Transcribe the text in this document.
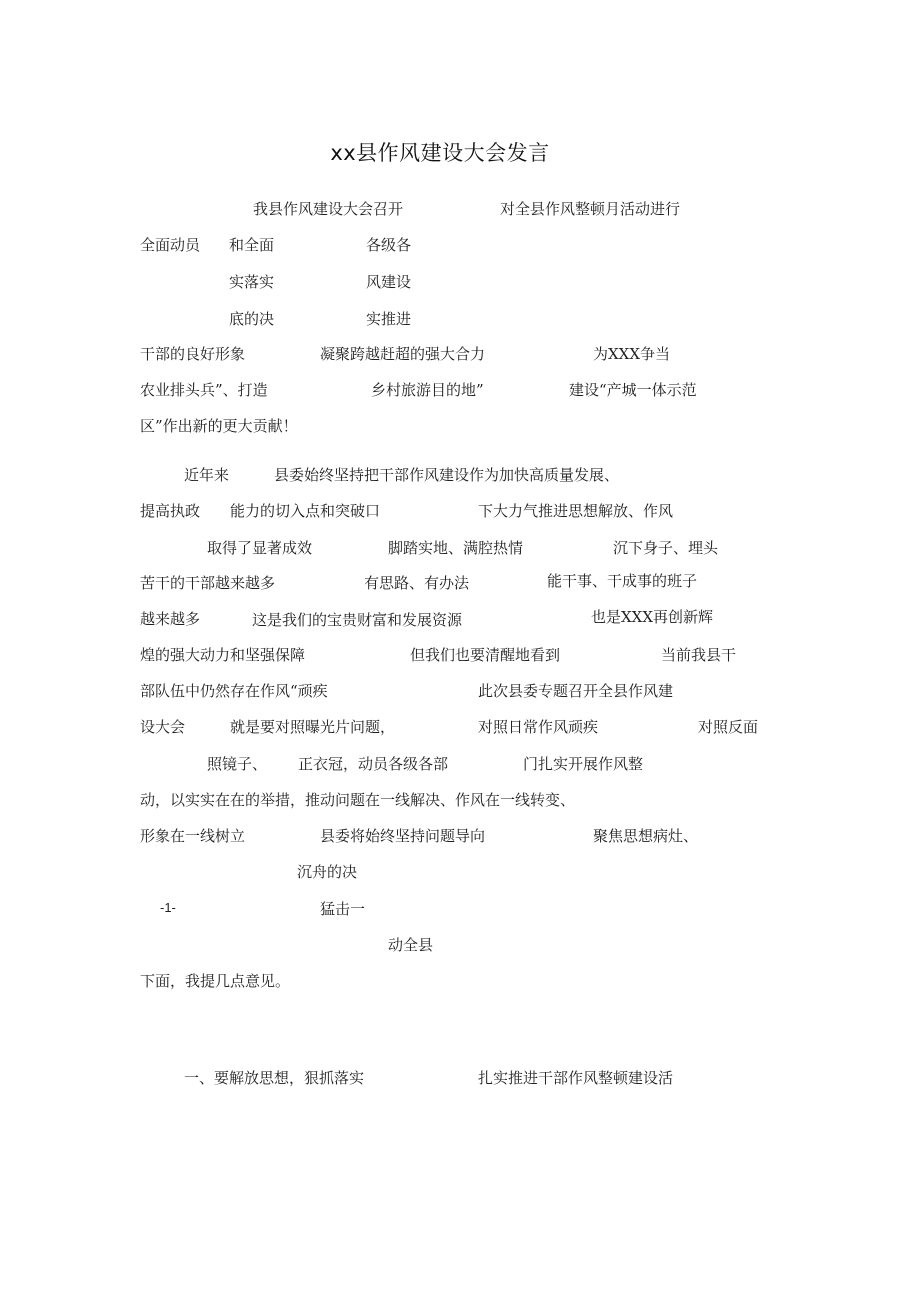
xx县作风建设大会发言
我县作风建设大会召开	对全县作风整顿月活动进行
全面动员 和全面	各级各
实落实	风建设
底的决	实推进
干部的良好形象	凝聚跨越赶超的强大合力	为XXX争当
农业排头兵”、打造	乡村旅游目的地”	建设“产城一体示范
区”作出新的更大贡献！
近年来	县委始终坚持把干部作风建设作为加快高质量发展、
提高执政 能力的切入点和突破口	下大力气推进思想解放、作风
取得了显著成效	脚踏实地、满腔热情	沉下身子、埋头
苦干的干部越来越多	有思路、有办法	能干事、干成事的班子
越来越多	这是我们的宝贵财富和发展资源	也是XXX再创新辉
煌的强大动力和坚强保障	但我们也要清醒地看到	当前我县干
部队伍中仍然存在作风“顽疾	此次县委专题召开全县作风建
设大会	就是要对照曝光片问题，	对照日常作风顽疾	对照反面
照镜子、 正衣冠，动员各级各部	门扎实开展作风整
动，以实实在在的举措，推动问题在一线解决、作风在一线转变、
形象在一线树立	县委将始终坚持问题导向	聚焦思想病灶、
沉舟的决
-1-	猛击一
动全县
下面，我提几点意见。
一、要解放思想，狠抓落实	扎实推进干部作风整顿建设活
